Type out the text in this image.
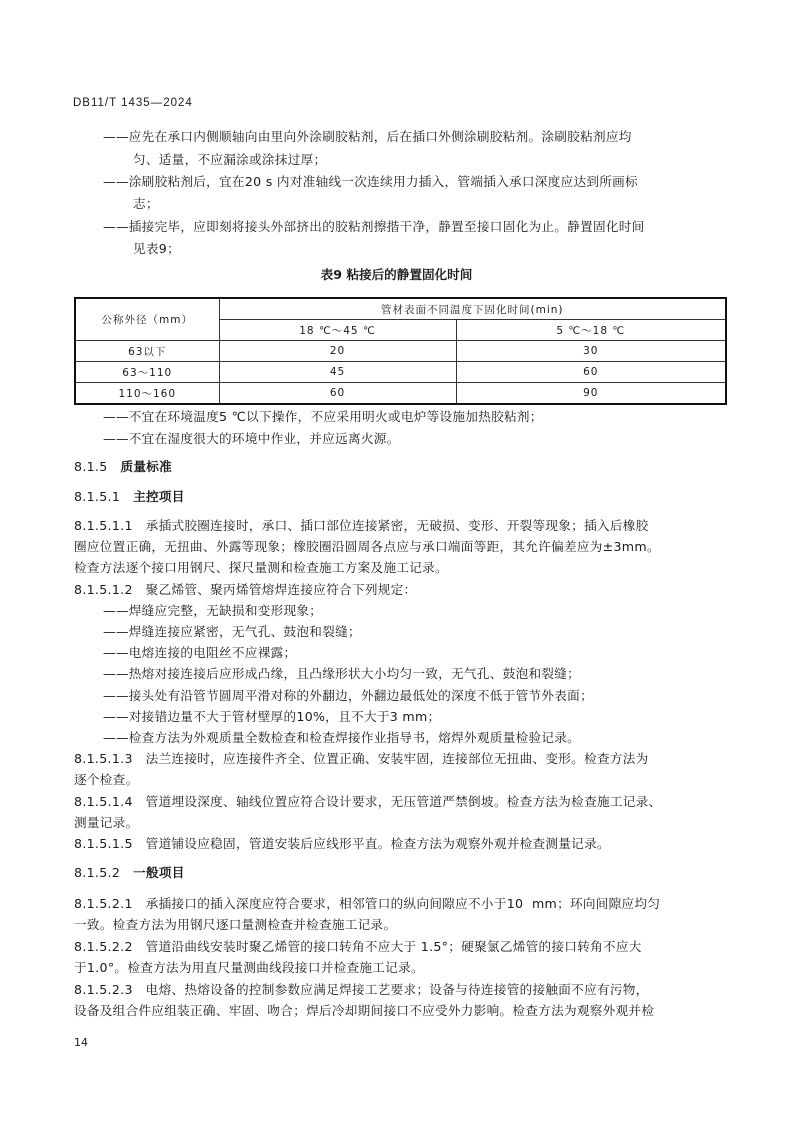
DB11/T 1435—2024
——应先在承口内侧顺轴向由里向外涂刷胶粘剂，后在插口外侧涂刷胶粘剂。涂刷胶粘剂应均
匀、适量，不应漏涂或涂抹过厚；
——涂刷胶粘剂后，宜在20 s 内对准轴线一次连续用力插入，管端插入承口深度应达到所画标
志；
——插接完毕，应即刻将接头外部挤出的胶粘剂擦揩干净，静置至接口固化为止。静置固化时间
见表9；
表9 粘接后的静置固化时间
公称外径（mm）	管材表面不同温度下固化时间(min)	
	18 ℃～45 ℃	5 ℃～18 ℃
63以下	20	30
63～110	45	60
110～160	60	90
——不宜在环境温度5 ℃以下操作，不应采用明火或电炉等设施加热胶粘剂；
——不宜在湿度很大的环境中作业，并应远离火源。
8.1.5 质量标准
8.1.5.1 主控项目
8.1.5.1.1   承插式胶圈连接时，承口、插口部位连接紧密，无破损、变形、开裂等现象；插入后橡胶
圈应位置正确，无扭曲、外露等现象；橡胶圈沿圆周各点应与承口端面等距，其允许偏差应为±3mm。
检查方法逐个接口用钢尺、探尺量测和检查施工方案及施工记录。
8.1.5.1.2   聚乙烯管、聚丙烯管熔焊连接应符合下列规定：
——焊缝应完整，无缺损和变形现象；
——焊缝连接应紧密，无气孔、鼓泡和裂缝；
——电熔连接的电阻丝不应裸露；
——热熔对接连接后应形成凸缘，且凸缘形状大小均匀一致，无气孔、鼓泡和裂缝；
——接头处有沿管节圆周平滑对称的外翻边，外翻边最低处的深度不低于管节外表面；
——对接错边量不大于管材壁厚的10%，且不大于3 mm；
——检查方法为外观质量全数检查和检查焊接作业指导书，熔焊外观质量检验记录。
8.1.5.1.3   法兰连接时，应连接件齐全、位置正确、安装牢固，连接部位无扭曲、变形。检查方法为
逐个检查。
8.1.5.1.4   管道埋设深度、轴线位置应符合设计要求，无压管道严禁倒坡。检查方法为检查施工记录、
测量记录。
8.1.5.1.5   管道铺设应稳固，管道安装后应线形平直。检查方法为观察外观并检查测量记录。
8.1.5.2 一般项目
8.1.5.2.1   承插接口的插入深度应符合要求，相邻管口的纵向间隙应不小于10  mm；环向间隙应均匀
一致。检查方法为用钢尺逐口量测检查并检查施工记录。
8.1.5.2.2   管道沿曲线安装时聚乙烯管的接口转角不应大于 1.5°；硬聚氯乙烯管的接口转角不应大
于1.0°。检查方法为用直尺量测曲线段接口并检查施工记录。
8.1.5.2.3   电熔、热熔设备的控制参数应满足焊接工艺要求；设备与待连接管的接触面不应有污物，
设备及组合件应组装正确、牢固、吻合；焊后冷却期间接口不应受外力影响。检查方法为观察外观并检
14
